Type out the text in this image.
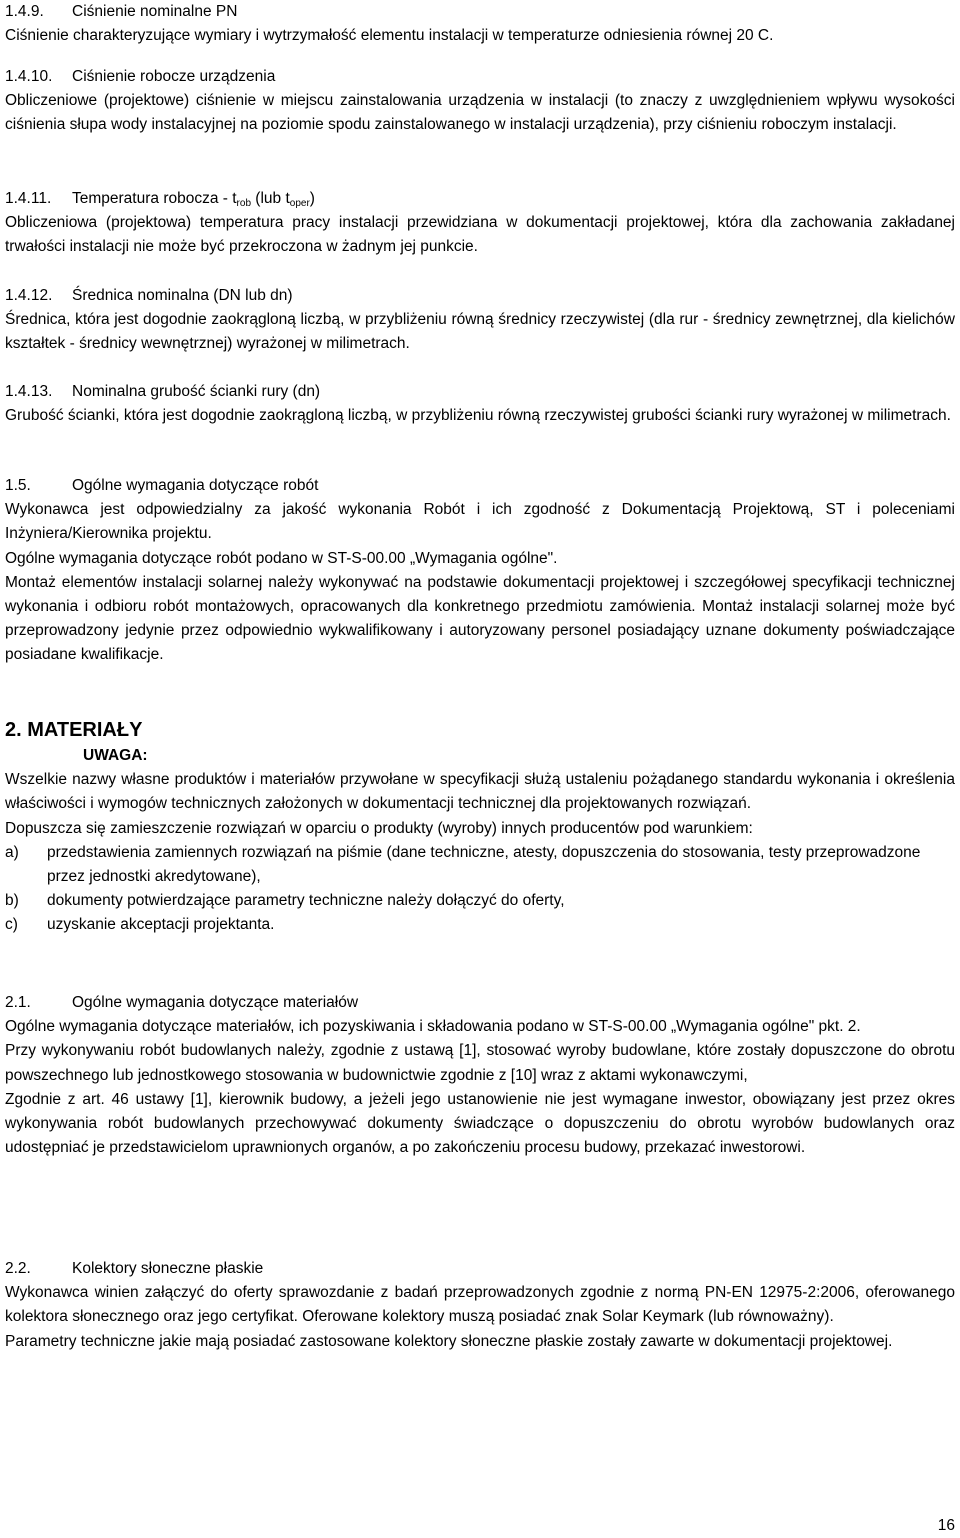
1.4.9. Ciśnienie nominalne PN

Ciśnienie charakteryzujące wymiary i wytrzymałość elementu instalacji w temperaturze odniesienia równej 20 C.

1.4.10. Ciśnienie robocze urządzenia

Obliczeniowe (projektowe) ciśnienie w miejscu zainstalowania urządzenia w instalacji (to znaczy z uwzględnieniem wpływu wysokości ciśnienia słupa wody instalacyjnej na poziomie spodu zainstalowanego w instalacji urządzenia), przy ciśnieniu roboczym instalacji.

1.4.11. Temperatura robocza - $t_{rob}$ (lub $t_{oper}$)

Obliczeniowa (projektowa) temperatura pracy instalacji przewidziana w dokumentacji projektowej, która dla zachowania zakładanej trwałości instalacji nie może być przekroczona w żadnym jej punkcie.

1.4.12. Średnica nominalna (DN lub dn)

Średnica, która jest dogodnie zaokrągloną liczbą, w przybliżeniu równą średnicy rzeczywistej (dla rur - średnicy zewnętrznej, dla kielichów kształtek - średnicy wewnętrznej) wyrażonej w milimetrach.

1.4.13. Nominalna grubość ścianki rury (dn)

Grubość ścianki, która jest dogodnie zaokrągloną liczbą, w przybliżeniu równą rzeczywistej grubości ścianki rury wyrażonej w milimetrach.

1.5.	Ogólne wymagania dotyczące robót

Wykonawca jest odpowiedzialny za jakość wykonania Robót i ich zgodność z Dokumentacją Projektową, ST i poleceniami Inżyniera/Kierownika projektu.

Ogólne wymagania dotyczące robót podano w ST-S-00.00 „Wymagania ogólne".

Montaż elementów instalacji solarnej należy wykonywać na podstawie dokumentacji projektowej i szczegółowej specyfikacji technicznej wykonania i odbioru robót montażowych, opracowanych dla konkretnego przedmiotu zamówienia. Montaż instalacji solarnej może być przeprowadzony jedynie przez odpowiednio wykwalifikowany i autoryzowany personel posiadający uznane dokumenty poświadczające posiadane kwalifikacje.

2. MATERIAŁY

UWAGA:

Wszelkie nazwy własne produktów i materiałów przywołane w specyfikacji służą ustaleniu pożądanego standardu wykonania i określenia właściwości i wymogów technicznych założonych w dokumentacji technicznej dla projektowanych rozwiązań.

Dopuszcza się zamieszczenie rozwiązań w oparciu o produkty (wyroby) innych producentów pod warunkiem:

a)	przedstawienia zamiennych rozwiązań na piśmie (dane techniczne, atesty, dopuszczenia do stosowania, testy przeprowadzone przez jednostki akredytowane),
b)	dokumenty potwierdzające parametry techniczne należy dołączyć do oferty,
c)	uzyskanie akceptacji projektanta.

2.1.	Ogólne wymagania dotyczące materiałów

Ogólne wymagania dotyczące materiałów, ich pozyskiwania i składowania podano w ST-S-00.00 „Wymagania ogólne" pkt. 2.

Przy wykonywaniu robót budowlanych należy, zgodnie z ustawą [1], stosować wyroby budowlane, które zostały dopuszczone do obrotu powszechnego lub jednostkowego stosowania w budownictwie zgodnie z [10] wraz z aktami wykonawczymi,

Zgodnie z art. 46 ustawy [1], kierownik budowy, a jeżeli jego ustanowienie nie jest wymagane inwestor, obowiązany jest przez okres wykonywania robót budowlanych przechowywać dokumenty świadczące o dopuszczeniu do obrotu wyrobów budowlanych oraz udostępniać je przedstawicielom uprawnionych organów, a po zakończeniu procesu budowy, przekazać inwestorowi.

2.2.	Kolektory słoneczne płaskie

Wykonawca winien załączyć do oferty sprawozdanie z badań przeprowadzonych zgodnie z normą PN-EN 12975-2:2006, oferowanego kolektora słonecznego oraz jego certyfikat. Oferowane kolektory muszą posiadać znak Solar Keymark (lub równoważny).

Parametry techniczne jakie mają posiadać zastosowane kolektory słoneczne płaskie zostały zawarte w dokumentacji projektowej.

16
